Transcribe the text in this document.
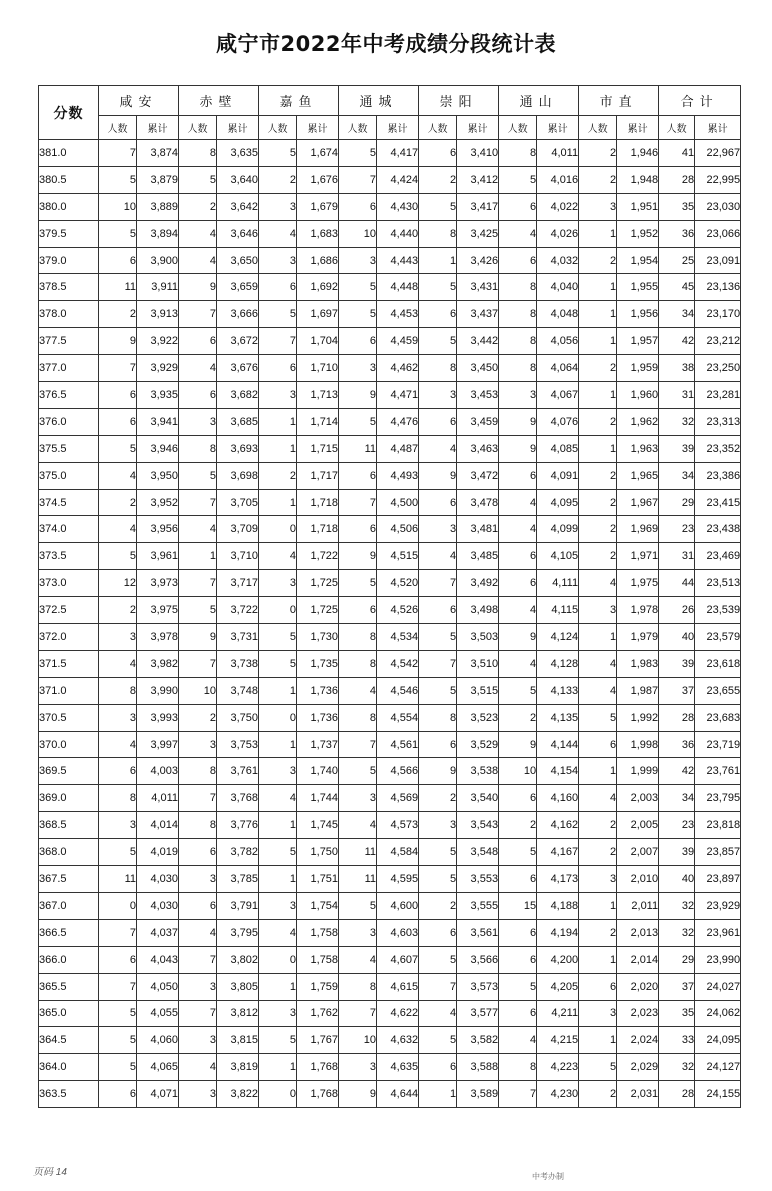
咸宁市2022年中考成绩分段统计表
分数	咸安		赤壁		嘉鱼		通城		崇阳		通山		市直		合计	
	人数	累计	人数	累计	人数	累计	人数	累计	人数	累计	人数	累计	人数	累计	人数	累计
381.0	7	3,874	8	3,635	5	1,674	5	4,417	6	3,410	8	4,011	2	1,946	41	22,967
380.5	5	3,879	5	3,640	2	1,676	7	4,424	2	3,412	5	4,016	2	1,948	28	22,995
380.0	10	3,889	2	3,642	3	1,679	6	4,430	5	3,417	6	4,022	3	1,951	35	23,030
379.5	5	3,894	4	3,646	4	1,683	10	4,440	8	3,425	4	4,026	1	1,952	36	23,066
379.0	6	3,900	4	3,650	3	1,686	3	4,443	1	3,426	6	4,032	2	1,954	25	23,091
378.5	11	3,911	9	3,659	6	1,692	5	4,448	5	3,431	8	4,040	1	1,955	45	23,136
378.0	2	3,913	7	3,666	5	1,697	5	4,453	6	3,437	8	4,048	1	1,956	34	23,170
377.5	9	3,922	6	3,672	7	1,704	6	4,459	5	3,442	8	4,056	1	1,957	42	23,212
377.0	7	3,929	4	3,676	6	1,710	3	4,462	8	3,450	8	4,064	2	1,959	38	23,250
376.5	6	3,935	6	3,682	3	1,713	9	4,471	3	3,453	3	4,067	1	1,960	31	23,281
376.0	6	3,941	3	3,685	1	1,714	5	4,476	6	3,459	9	4,076	2	1,962	32	23,313
375.5	5	3,946	8	3,693	1	1,715	11	4,487	4	3,463	9	4,085	1	1,963	39	23,352
375.0	4	3,950	5	3,698	2	1,717	6	4,493	9	3,472	6	4,091	2	1,965	34	23,386
374.5	2	3,952	7	3,705	1	1,718	7	4,500	6	3,478	4	4,095	2	1,967	29	23,415
374.0	4	3,956	4	3,709	0	1,718	6	4,506	3	3,481	4	4,099	2	1,969	23	23,438
373.5	5	3,961	1	3,710	4	1,722	9	4,515	4	3,485	6	4,105	2	1,971	31	23,469
373.0	12	3,973	7	3,717	3	1,725	5	4,520	7	3,492	6	4,111	4	1,975	44	23,513
372.5	2	3,975	5	3,722	0	1,725	6	4,526	6	3,498	4	4,115	3	1,978	26	23,539
372.0	3	3,978	9	3,731	5	1,730	8	4,534	5	3,503	9	4,124	1	1,979	40	23,579
371.5	4	3,982	7	3,738	5	1,735	8	4,542	7	3,510	4	4,128	4	1,983	39	23,618
371.0	8	3,990	10	3,748	1	1,736	4	4,546	5	3,515	5	4,133	4	1,987	37	23,655
370.5	3	3,993	2	3,750	0	1,736	8	4,554	8	3,523	2	4,135	5	1,992	28	23,683
370.0	4	3,997	3	3,753	1	1,737	7	4,561	6	3,529	9	4,144	6	1,998	36	23,719
369.5	6	4,003	8	3,761	3	1,740	5	4,566	9	3,538	10	4,154	1	1,999	42	23,761
369.0	8	4,011	7	3,768	4	1,744	3	4,569	2	3,540	6	4,160	4	2,003	34	23,795
368.5	3	4,014	8	3,776	1	1,745	4	4,573	3	3,543	2	4,162	2	2,005	23	23,818
368.0	5	4,019	6	3,782	5	1,750	11	4,584	5	3,548	5	4,167	2	2,007	39	23,857
367.5	11	4,030	3	3,785	1	1,751	11	4,595	5	3,553	6	4,173	3	2,010	40	23,897
367.0	0	4,030	6	3,791	3	1,754	5	4,600	2	3,555	15	4,188	1	2,011	32	23,929
366.5	7	4,037	4	3,795	4	1,758	3	4,603	6	3,561	6	4,194	2	2,013	32	23,961
366.0	6	4,043	7	3,802	0	1,758	4	4,607	5	3,566	6	4,200	1	2,014	29	23,990
365.5	7	4,050	3	3,805	1	1,759	8	4,615	7	3,573	5	4,205	6	2,020	37	24,027
365.0	5	4,055	7	3,812	3	1,762	7	4,622	4	3,577	6	4,211	3	2,023	35	24,062
364.5	5	4,060	3	3,815	5	1,767	10	4,632	5	3,582	4	4,215	1	2,024	33	24,095
364.0	5	4,065	4	3,819	1	1,768	3	4,635	6	3,588	8	4,223	5	2,029	32	24,127
363.5	6	4,071	3	3,822	0	1,768	9	4,644	1	3,589	7	4,230	2	2,031	28	24,155
页码 14	中考办制
